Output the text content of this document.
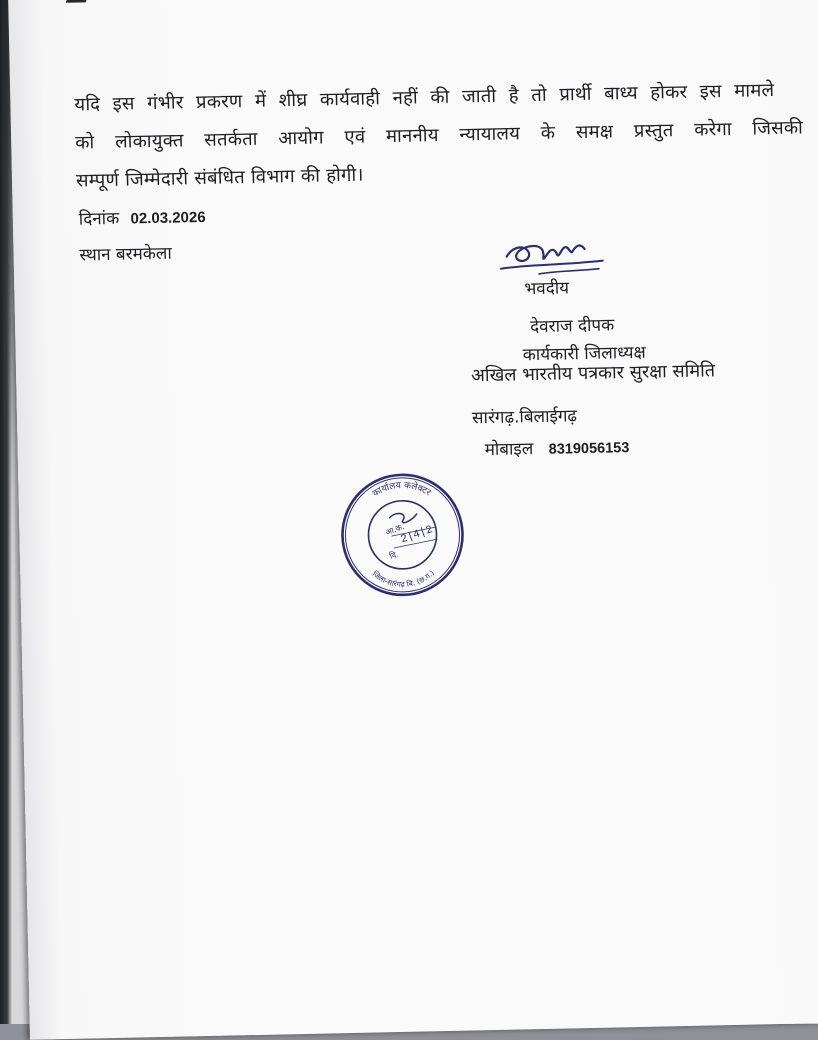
यदि इस गंभीर प्रकरण में शीघ्र कार्यवाही नहीं की जाती है तो प्रार्थी बाध्य होकर इस मामले
को लोकायुक्त सतर्कता आयोग एवं माननीय न्यायालय के समक्ष प्रस्तुत करेगा जिसकी
सम्पूर्ण जिम्मेदारी संबंधित विभाग की होगी।
दिनांक 02.03.2026
स्थान बरमकेला
भवदीय
देवराज दीपक
कार्यकारी जिलाध्यक्ष
अखिल भारतीय पत्रकार सुरक्षा समिति
सारंगढ़.बिलाईगढ़
मोबाइल 8319056153
कार्यालय कलेक्टर
जिला-सारंगढ़ बि. (छ.ग.)
आ.क.
2|4|2
दि.
